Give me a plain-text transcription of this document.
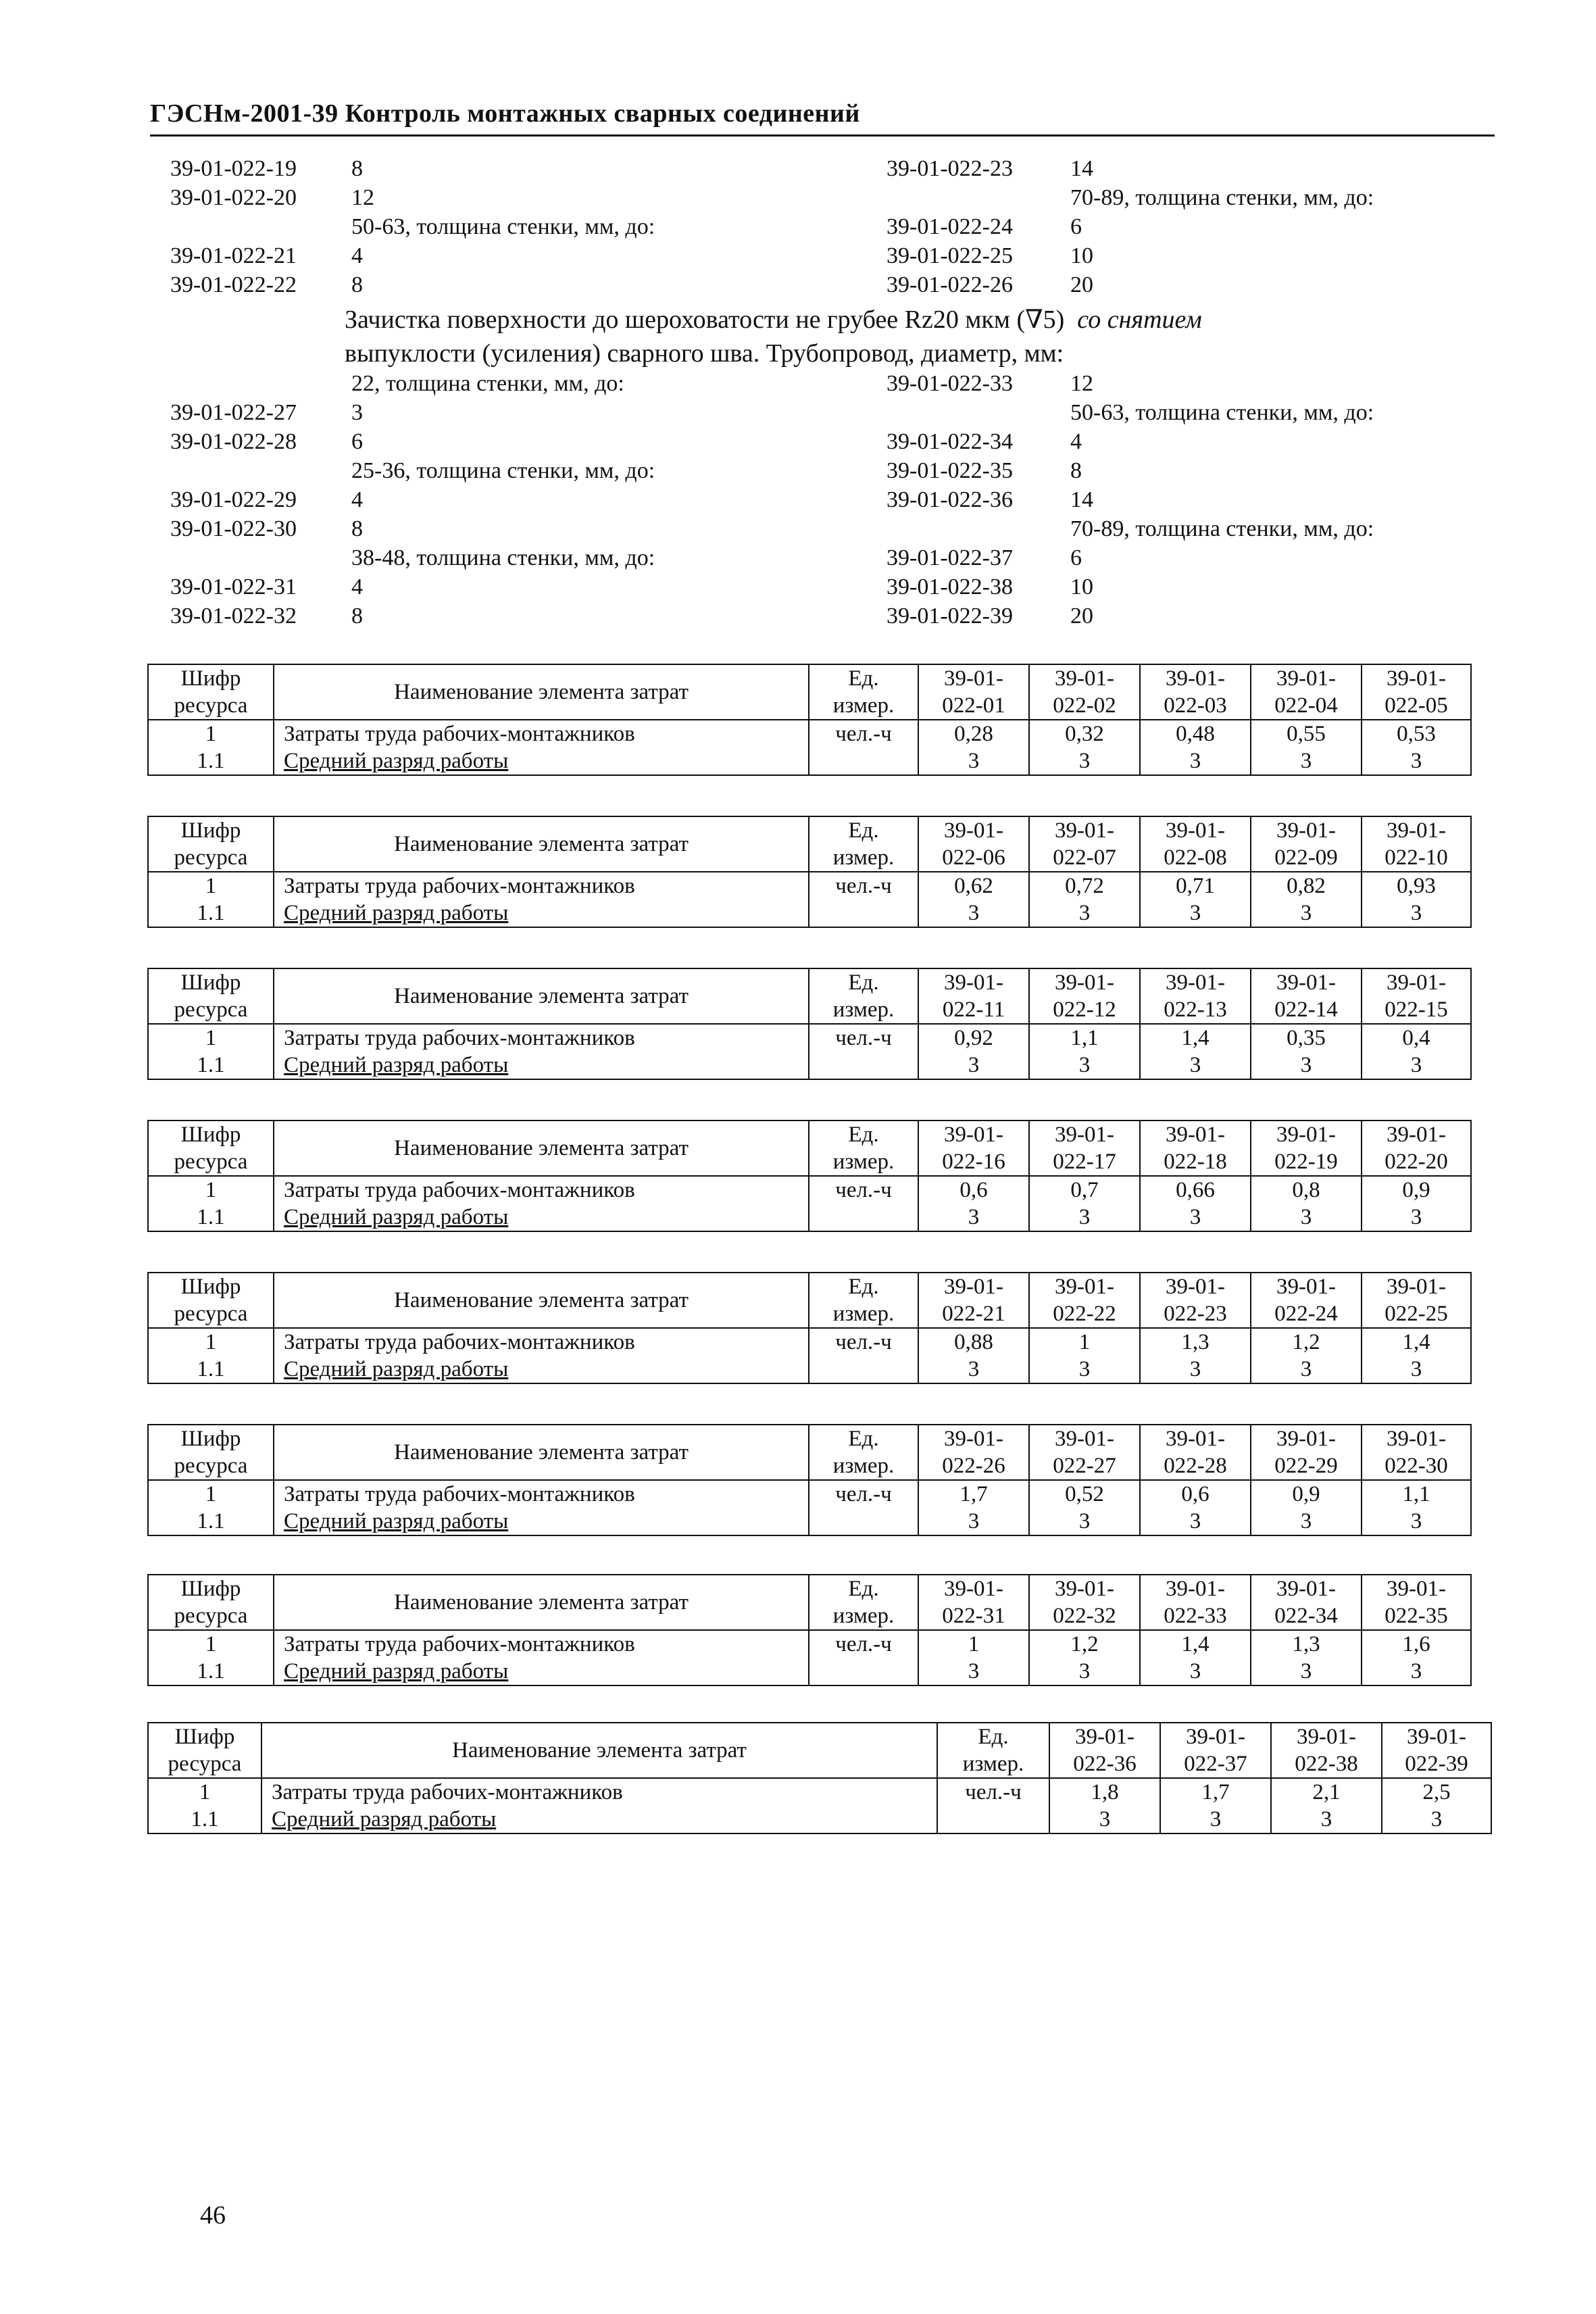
ГЭСНм-2001-39 Контроль монтажных сварных соединений
39-01-022-19 8	39-01-022-23	14
39-01-022-20 12	70-89, толщина стенки, мм, до:
50-63, толщина стенки, мм, до:	39-01-022-24	6
39-01-022-21 4	39-01-022-25	10
39-01-022-22 8	39-01-022-26	20
Зачистка поверхности до шероховатости не грубее Rz20 мкм (∇5) со снятием
выпуклости (усиления) сварного шва. Трубопровод, диаметр, мм:
22, толщина стенки, мм, до:	39-01-022-33	12
39-01-022-27 3	50-63, толщина стенки, мм, до:
39-01-022-28 6	39-01-022-34	4
25-36, толщина стенки, мм, до:	39-01-022-35	8
39-01-022-29 4	39-01-022-36	14
39-01-022-30 8	70-89, толщина стенки, мм, до:
38-48, толщина стенки, мм, до:	39-01-022-37	6
39-01-022-31 4	39-01-022-38	10
39-01-022-32 8	39-01-022-39	20
Шифр	Наименование элемента затрат	Ед.	39-01-	39-01-	39-01-	39-01-	39-01-
ресурса		измер.	022-01	022-02	022-03	022-04	022-05
1	Затраты труда рабочих-монтажников	чел.-ч	0,28	0,32	0,48	0,55	0,53
1.1	Средний разряд работы		3	3	3	3	3
Шифр	Наименование элемента затрат	Ед.	39-01-	39-01-	39-01-	39-01-	39-01-
ресурса		измер.	022-06	022-07	022-08	022-09	022-10
1	Затраты труда рабочих-монтажников	чел.-ч	0,62	0,72	0,71	0,82	0,93
1.1	Средний разряд работы		3	3	3	3	3
Шифр	Наименование элемента затрат	Ед.	39-01-	39-01-	39-01-	39-01-	39-01-
ресурса		измер.	022-11	022-12	022-13	022-14	022-15
1	Затраты труда рабочих-монтажников	чел.-ч	0,92	1,1	1,4	0,35	0,4
1.1	Средний разряд работы		3	3	3	3	3
Шифр	Наименование элемента затрат	Ед.	39-01-	39-01-	39-01-	39-01-	39-01-
ресурса		измер.	022-16	022-17	022-18	022-19	022-20
1	Затраты труда рабочих-монтажников	чел.-ч	0,6	0,7	0,66	0,8	0,9
1.1	Средний разряд работы		3	3	3	3	3
Шифр	Наименование элемента затрат	Ед.	39-01-	39-01-	39-01-	39-01-	39-01-
ресурса		измер.	022-21	022-22	022-23	022-24	022-25
1	Затраты труда рабочих-монтажников	чел.-ч	0,88	1	1,3	1,2	1,4
1.1	Средний разряд работы		3	3	3	3	3
Шифр	Наименование элемента затрат	Ед.	39-01-	39-01-	39-01-	39-01-	39-01-
ресурса		измер.	022-26	022-27	022-28	022-29	022-30
1	Затраты труда рабочих-монтажников	чел.-ч	1,7	0,52	0,6	0,9	1,1
1.1	Средний разряд работы		3	3	3	3	3
Шифр	Наименование элемента затрат	Ед.	39-01-	39-01-	39-01-	39-01-	39-01-
ресурса		измер.	022-31	022-32	022-33	022-34	022-35
1	Затраты труда рабочих-монтажников	чел.-ч	1	1,2	1,4	1,3	1,6
1.1	Средний разряд работы		3	3	3	3	3
Шифр	Наименование элемента затрат	Ед.	39-01-	39-01-	39-01-	39-01-
ресурса		измер.	022-36	022-37	022-38	022-39
1	Затраты труда рабочих-монтажников	чел.-ч	1,8	1,7	2,1	2,5
1.1	Средний разряд работы		3	3	3	3
46
